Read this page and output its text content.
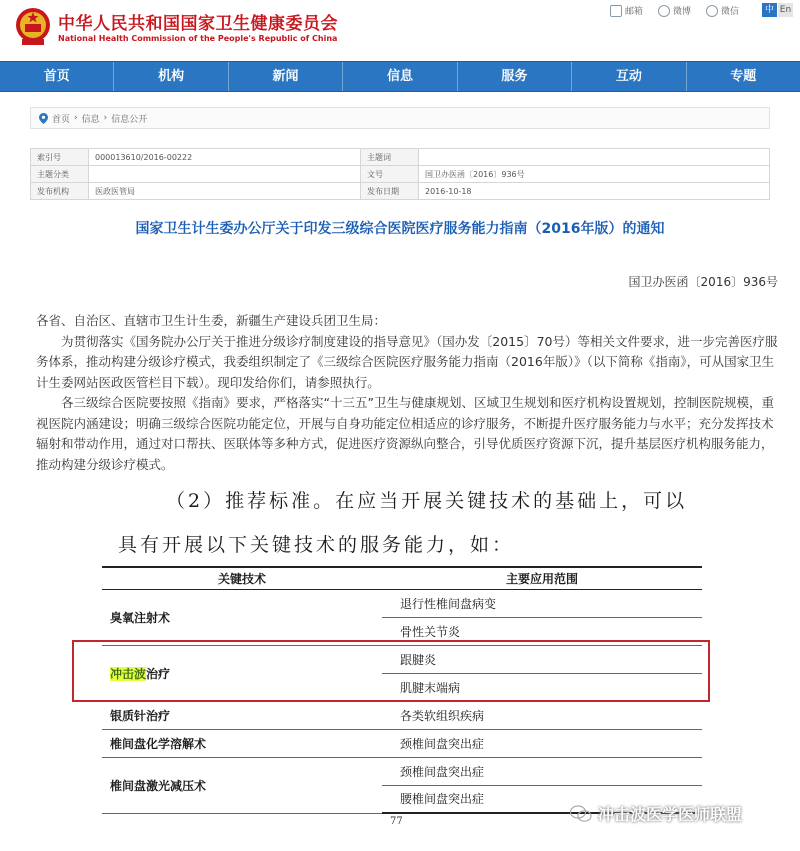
中华人民共和国国家卫生健康委员会
National Health Commission of the People's Republic of China
邮箱	微博	微信	中 En
首页	机构	新闻	信息	服务	互动	专题
首页 › 信息 › 信息公开
索引号	000013610/2016-00222	主题词	
主题分类		文号	国卫办医函〔2016〕936号
发布机构	医政医管局	发布日期	2016-10-18
国家卫生计生委办公厅关于印发三级综合医院医疗服务能力指南（2016年版）的通知
国卫办医函〔2016〕936号

各省、自治区、直辖市卫生计生委，新疆生产建设兵团卫生局：

为贯彻落实《国务院办公厅关于推进分级诊疗制度建设的指导意见》（国办发〔2015〕70号）等相关文件要求，进一步完善医疗服务体系，推动构建分级诊疗模式，我委组织制定了《三级综合医院医疗服务能力指南（2016年版）》（以下简称《指南》，可从国家卫生计生委网站医政医管栏目下载）。现印发给你们，请参照执行。

各三级综合医院要按照《指南》要求，严格落实“十三五”卫生与健康规划、区域卫生规划和医疗机构设置规划，控制医院规模，重视医院内涵建设；明确三级综合医院功能定位，开展与自身功能定位相适应的诊疗服务，不断提升医疗服务能力与水平；充分发挥技术辐射和带动作用，通过对口帮扶、医联体等多种方式，促进医疗资源纵向整合，引导优质医疗资源下沉，提升基层医疗机构服务能力，推动构建分级诊疗模式。

（2）推荐标准。在应当开展关键技术的基础上，可以
具有开展以下关键技术的服务能力，如：
关键技术	主要应用范围
臭氧注射术	退行性椎间盘病变
	骨性关节炎
冲击波治疗	跟腱炎
	肌腱末端病
银质针治疗	各类软组织疾病
椎间盘化学溶解术	颈椎间盘突出症
椎间盘激光减压术	颈椎间盘突出症
	腰椎间盘突出症
77	冲击波医学医师联盟
